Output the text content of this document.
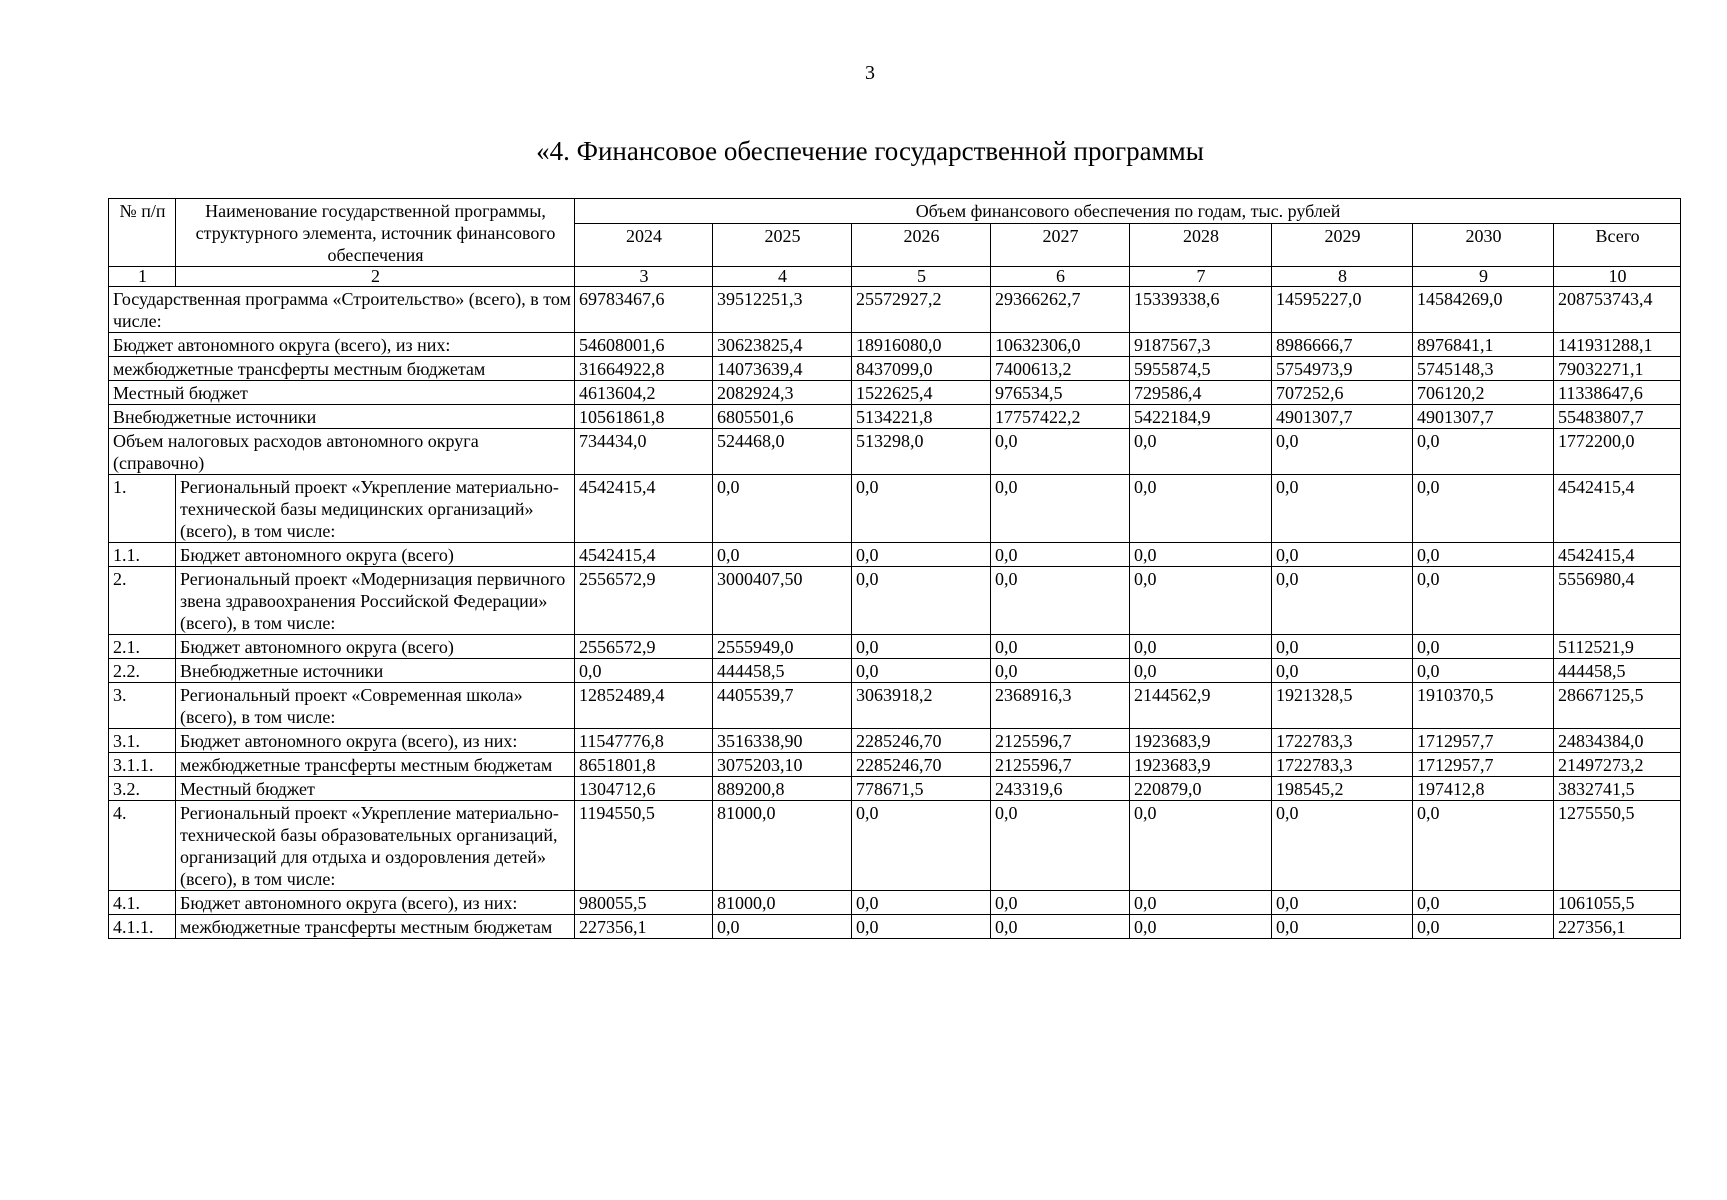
3
«4. Финансовое обеспечение государственной программы
№ п/п	Наименование государственной программы, структурного элемента, источник финансового обеспечения	Объем финансового обеспечения по годам, тыс. рублей							
		2024	2025	2026	2027	2028	2029	2030	Всего
1	2	3	4	5	6	7	8	9	10
Государственная программа «Строительство» (всего), в том числе:		69783467,6	39512251,3	25572927,2	29366262,7	15339338,6	14595227,0	14584269,0	208753743,4
Бюджет автономного округа (всего), из них:		54608001,6	30623825,4	18916080,0	10632306,0	9187567,3	8986666,7	8976841,1	141931288,1
межбюджетные трансферты местным бюджетам		31664922,8	14073639,4	8437099,0	7400613,2	5955874,5	5754973,9	5745148,3	79032271,1
Местный бюджет		4613604,2	2082924,3	1522625,4	976534,5	729586,4	707252,6	706120,2	11338647,6
Внебюджетные источники		10561861,8	6805501,6	5134221,8	17757422,2	5422184,9	4901307,7	4901307,7	55483807,7
Объем налоговых расходов автономного округа (справочно)		734434,0	524468,0	513298,0	0,0	0,0	0,0	0,0	1772200,0
1.	Региональный проект «Укрепление материально-технической базы медицинских организаций» (всего), в том числе:	4542415,4	0,0	0,0	0,0	0,0	0,0	0,0	4542415,4
1.1.	Бюджет автономного округа (всего)	4542415,4	0,0	0,0	0,0	0,0	0,0	0,0	4542415,4
2.	Региональный проект «Модернизация первичного звена здравоохранения Российской Федерации» (всего), в том числе:	2556572,9	3000407,50	0,0	0,0	0,0	0,0	0,0	5556980,4
2.1.	Бюджет автономного округа (всего)	2556572,9	2555949,0	0,0	0,0	0,0	0,0	0,0	5112521,9
2.2.	Внебюджетные источники	0,0	444458,5	0,0	0,0	0,0	0,0	0,0	444458,5
3.	Региональный проект «Современная школа» (всего), в том числе:	12852489,4	4405539,7	3063918,2	2368916,3	2144562,9	1921328,5	1910370,5	28667125,5
3.1.	Бюджет автономного округа (всего), из них:	11547776,8	3516338,90	2285246,70	2125596,7	1923683,9	1722783,3	1712957,7	24834384,0
3.1.1.	межбюджетные трансферты местным бюджетам	8651801,8	3075203,10	2285246,70	2125596,7	1923683,9	1722783,3	1712957,7	21497273,2
3.2.	Местный бюджет	1304712,6	889200,8	778671,5	243319,6	220879,0	198545,2	197412,8	3832741,5
4.	Региональный проект «Укрепление материально-технической базы образовательных организаций, организаций для отдыха и оздоровления детей» (всего), в том числе:	1194550,5	81000,0	0,0	0,0	0,0	0,0	0,0	1275550,5
4.1.	Бюджет автономного округа (всего), из них:	980055,5	81000,0	0,0	0,0	0,0	0,0	0,0	1061055,5
4.1.1.	межбюджетные трансферты местным бюджетам	227356,1	0,0	0,0	0,0	0,0	0,0	0,0	227356,1
